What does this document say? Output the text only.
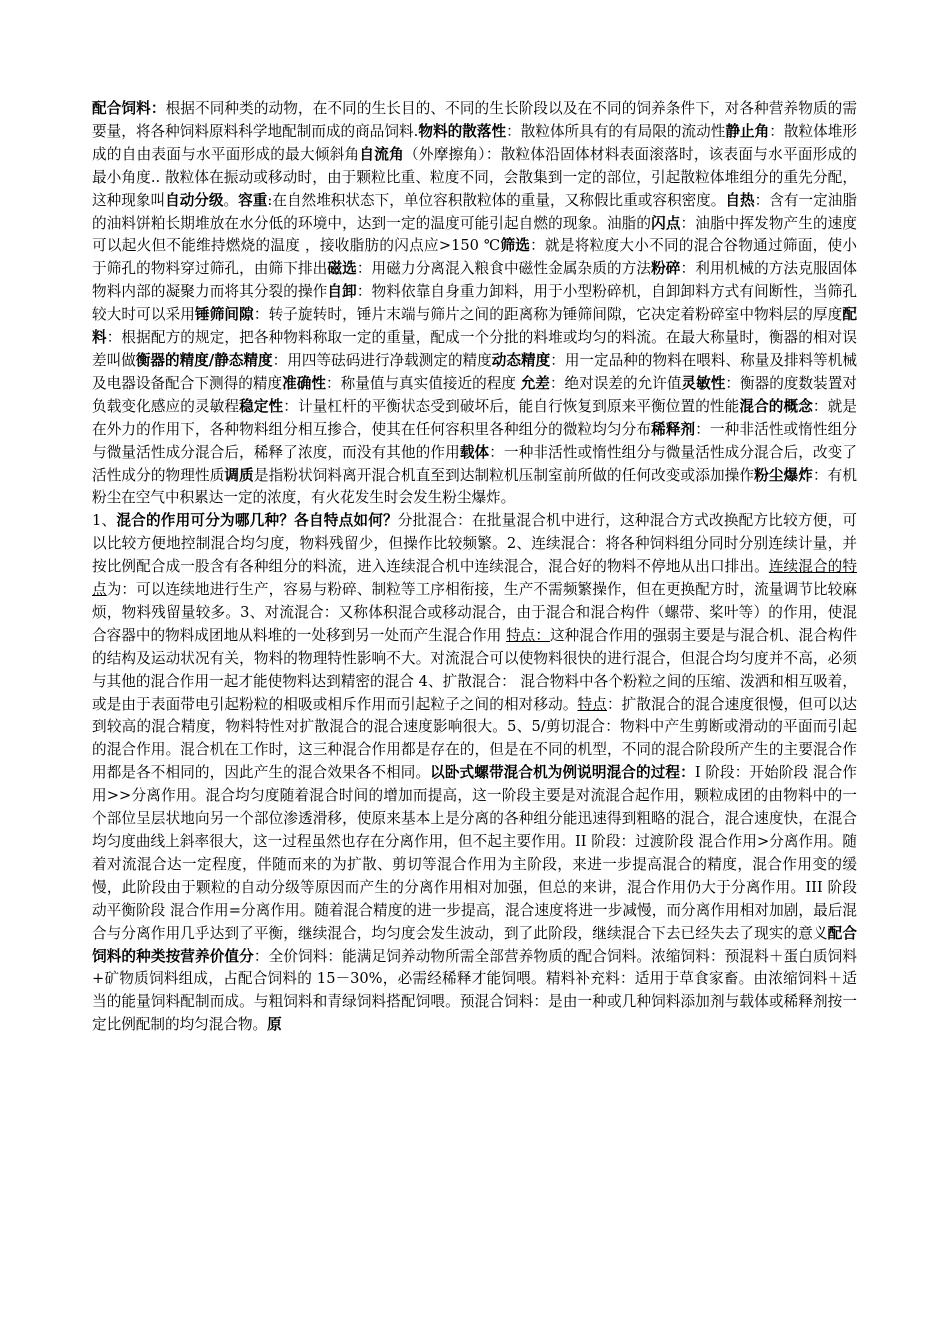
配合饲料：根据不同种类的动物，在不同的生长目的、不同的生长阶段以及在不同的饲养条件下，对各种营养物质的需要量，将各种饲料原料科学地配制而成的商品饲料.物料的散落性：散粒体所具有的有局限的流动性静止角：散粒体堆形成的自由表面与水平面形成的最大倾斜角自流角（外摩擦角）：散粒体沿固体材料表面滚落时，该表面与水平面形成的最小角度.. 散粒体在振动或移动时，由于颗粒比重、粒度不同，会散集到一定的部位，引起散粒体堆组分的重先分配，这种现象叫自动分级。容重:在自然堆积状态下，单位容积散粒体的重量，又称假比重或容积密度。自热：含有一定油脂的油料饼粕长期堆放在水分低的环境中，达到一定的温度可能引起自燃的现象。油脂的闪点：油脂中挥发物产生的速度可以起火但不能维持燃烧的温度 ，接收脂肪的闪点应>150 ℃筛选：就是将粒度大小不同的混合谷物通过筛面，使小于筛孔的物料穿过筛孔，由筛下排出磁选：用磁力分离混入粮食中磁性金属杂质的方法粉碎：利用机械的方法克服固体物料内部的凝聚力而将其分裂的操作自卸：物料依靠自身重力卸料，用于小型粉碎机，自卸卸料方式有间断性，当筛孔较大时可以采用锤筛间隙：转子旋转时，锤片末端与筛片之间的距离称为锤筛间隙，它决定着粉碎室中物料层的厚度配料：根据配方的规定，把各种物料称取一定的重量，配成一个分批的料堆或均匀的料流。在最大称量时，衡器的相对误差叫做衡器的精度/静态精度：用四等砝码进行净载测定的精度动态精度：用一定品种的物料在喂料、称量及排料等机械及电器设备配合下测得的精度准确性：称量值与真实值接近的程度 允差：绝对误差的允许值灵敏性：衡器的度数装置对负载变化感应的灵敏程稳定性：计量杠杆的平衡状态受到破坏后，能自行恢复到原来平衡位置的性能混合的概念：就是在外力的作用下，各种物料组分相互掺合，使其在任何容积里各种组分的微粒均匀分布稀释剂：一种非活性或惰性组分与微量活性成分混合后，稀释了浓度，而没有其他的作用载体：一种非活性或惰性组分与微量活性成分混合后，改变了活性成分的物理性质调质是指粉状饲料离开混合机直至到达制粒机压制室前所做的任何改变或添加操作粉尘爆炸：有机粉尘在空气中积累达一定的浓度，有火花发生时会发生粉尘爆炸。

1、混合的作用可分为哪几种？各自特点如何？分批混合：在批量混合机中进行，这种混合方式改换配方比较方便，可以比较方便地控制混合均匀度，物料残留少，但操作比较频繁。2、连续混合：将各种饲料组分同时分别连续计量，并按比例配合成一股含有各种组分的料流，进入连续混合机中连续混合，混合好的物料不停地从出口排出。连续混合的特点为：可以连续地进行生产，容易与粉碎、制粒等工序相衔接，生产不需频繁操作，但在更换配方时，流量调节比较麻烦，物料残留量较多。3、对流混合：又称体积混合或移动混合，由于混合和混合构件（螺带、桨叶等）的作用，使混合容器中的物料成团地从料堆的一处移到另一处而产生混合作用 特点：这种混合作用的强弱主要是与混合机、混合构件的结构及运动状况有关，物料的物理特性影响不大。对流混合可以使物料很快的进行混合，但混合均匀度并不高，必须与其他的混合作用一起才能使物料达到精密的混合 4、扩散混合： 混合物料中各个粉粒之间的压缩、泼洒和相互吸着，或是由于表面带电引起粉粒的相吸或相斥作用而引起粒子之间的相对移动。特点：扩散混合的混合速度很慢，但可以达到较高的混合精度，物料特性对扩散混合的混合速度影响很大。5、5/剪切混合：物料中产生剪断或滑动的平面而引起的混合作用。混合机在工作时，这三种混合作用都是存在的，但是在不同的机型，不同的混合阶段所产生的主要混合作用都是各不相同的，因此产生的混合效果各不相同。以卧式螺带混合机为例说明混合的过程：I 阶段：开始阶段 混合作用>>分离作用。混合均匀度随着混合时间的增加而提高，这一阶段主要是对流混合起作用，颗粒成团的由物料中的一个部位呈层状地向另一个部位渗透滑移，使原来基本上是分离的各种组分能迅速得到粗略的混合，混合速度快，在混合均匀度曲线上斜率很大，这一过程虽然也存在分离作用，但不起主要作用。II 阶段：过渡阶段 混合作用>分离作用。随着对流混合达一定程度，伴随而来的为扩散、剪切等混合作用为主阶段，来进一步提高混合的精度，混合作用变的缓慢，此阶段由于颗粒的自动分级等原因而产生的分离作用相对加强，但总的来讲，混合作用仍大于分离作用。III 阶段 动平衡阶段 混合作用=分离作用。随着混合精度的进一步提高，混合速度将进一步减慢，而分离作用相对加剧，最后混合与分离作用几乎达到了平衡，继续混合，均匀度会发生波动，到了此阶段，继续混合下去已经失去了现实的意义配合饲料的种类按营养价值分：全价饲料：能满足饲养动物所需全部营养物质的配合饲料。浓缩饲料：预混料＋蛋白质饲料+矿物质饲料组成，占配合饲料的 15－30%，必需经稀释才能饲喂。精料补充料：适用于草食家畜。由浓缩饲料＋适当的能量饲料配制而成。与粗饲料和青绿饲料搭配饲喂。预混合饲料：是由一种或几种饲料添加剂与载体或稀释剂按一定比例配制的均匀混合物。原
